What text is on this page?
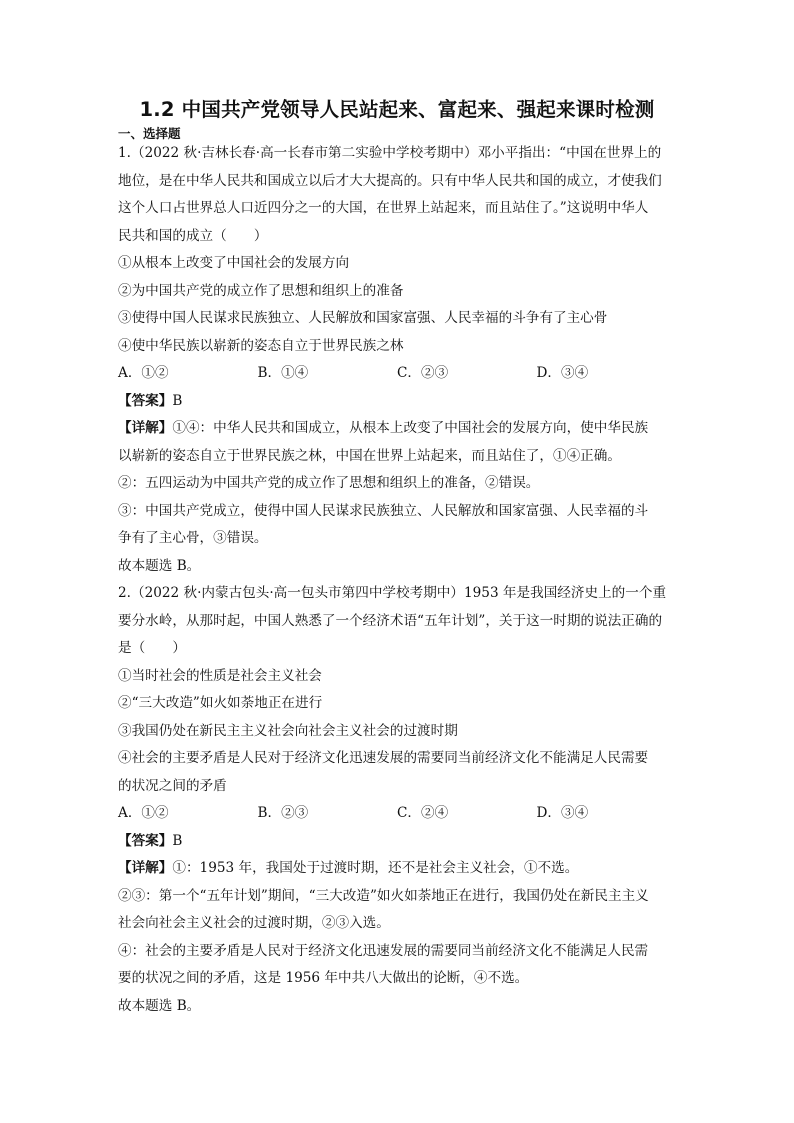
1.2 中国共产党领导人民站起来、富起来、强起来课时检测
一、选择题
1.（2022 秋·吉林长春·高一长春市第二实验中学校考期中）邓小平指出：“中国在世界上的
地位，是在中华人民共和国成立以后才大大提高的。只有中华人民共和国的成立，才使我们
这个人口占世界总人口近四分之一的大国，在世界上站起来，而且站住了。”这说明中华人
民共和国的成立（　　）
①从根本上改变了中国社会的发展方向
②为中国共产党的成立作了思想和组织上的准备
③使得中国人民谋求民族独立、人民解放和国家富强、人民幸福的斗争有了主心骨
④使中华民族以崭新的姿态自立于世界民族之林
A．①②	B．①④	C．②③	D．③④
【答案】B
【详解】①④：中华人民共和国成立，从根本上改变了中国社会的发展方向，使中华民族
以崭新的姿态自立于世界民族之林，中国在世界上站起来，而且站住了，①④正确。
②：五四运动为中国共产党的成立作了思想和组织上的准备，②错误。
③：中国共产党成立，使得中国人民谋求民族独立、人民解放和国家富强、人民幸福的斗
争有了主心骨，③错误。
故本题选 B。
2.（2022 秋·内蒙古包头·高一包头市第四中学校考期中）1953 年是我国经济史上的一个重
要分水岭，从那时起，中国人熟悉了一个经济术语“五年计划”，关于这一时期的说法正确的
是（　　）
①当时社会的性质是社会主义社会
②“三大改造”如火如荼地正在进行
③我国仍处在新民主主义社会向社会主义社会的过渡时期
④社会的主要矛盾是人民对于经济文化迅速发展的需要同当前经济文化不能满足人民需要
的状况之间的矛盾
A．①②	B．②③	C．②④	D．③④
【答案】B
【详解】①：1953 年，我国处于过渡时期，还不是社会主义社会，①不选。
②③：第一个“五年计划”期间，“三大改造”如火如荼地正在进行，我国仍处在新民主主义
社会向社会主义社会的过渡时期，②③入选。
④：社会的主要矛盾是人民对于经济文化迅速发展的需要同当前经济文化不能满足人民需
要的状况之间的矛盾，这是 1956 年中共八大做出的论断，④不选。
故本题选 B。
